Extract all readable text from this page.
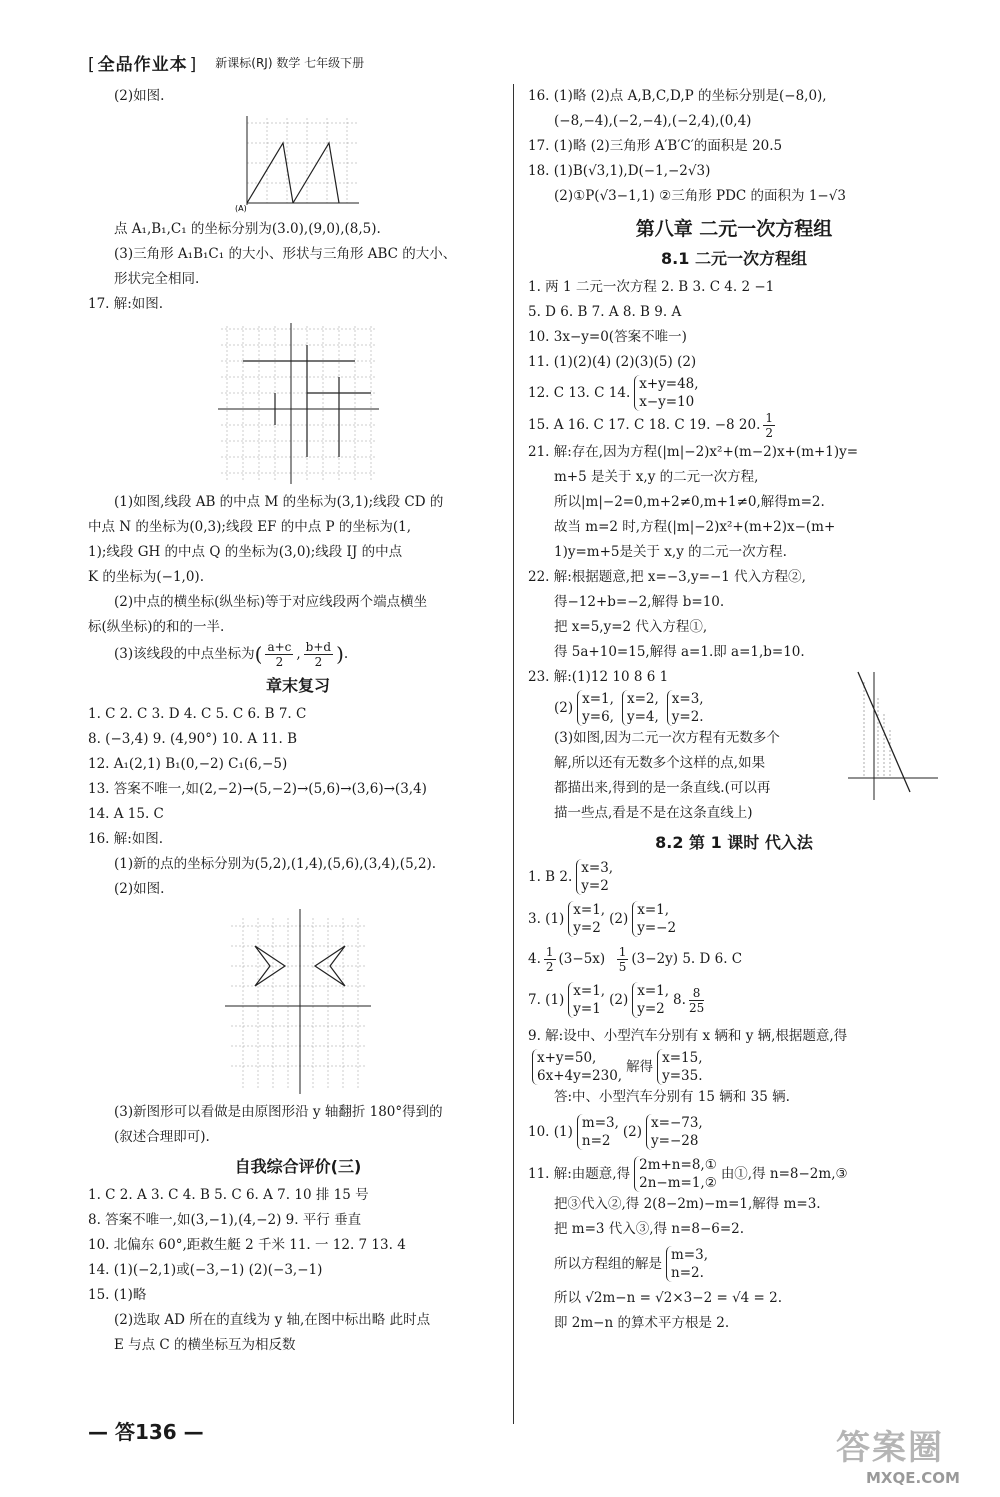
[ 全品作业本 ]	新课标(RJ) 数学 七年级下册
(2)如图.
(A)
点 A₁,B₁,C₁ 的坐标分别为(3.0),(9,0),(8,5).
(3)三角形 A₁B₁C₁ 的大小、形状与三角形 ABC 的大小、
形状完全相同.
17. 解:如图.
(1)如图,线段 AB 的中点 M 的坐标为(3,1);线段 CD 的
中点 N 的坐标为(0,3);线段 EF 的中点 P 的坐标为(1,
1);线段 GH 的中点 Q 的坐标为(3,0);线段 IJ 的中点
K 的坐标为(−1,0).
(2)中点的横坐标(纵坐标)等于对应线段两个端点横坐
标(纵坐标)的和的一半.
(3)该线段的中点坐标为 ( $\frac{a+c}{2}$ , $\frac{b+d}{2}$ ) .
章末复习
1. C 2. C 3. D 4. C 5. C 6. B 7. C
8. (−3,4) 9. (4,90°) 10. A 11. B
12. A₁(2,1) B₁(0,−2) C₁(6,−5)
13. 答案不唯一,如(2,−2)→(5,−2)→(5,6)→(3,6)→(3,4)
14. A 15. C
16. 解:如图.
(1)新的点的坐标分别为(5,2),(1,4),(5,6),(3,4),(5,2).
(2)如图.
(3)新图形可以看做是由原图形沿 y 轴翻折 180°得到的
(叙述合理即可).
自我综合评价(三)
1. C 2. A 3. C 4. B 5. C 6. A 7. 10 排 15 号
8. 答案不唯一,如(3,−1),(4,−2) 9. 平行 垂直
10. 北偏东 60°,距救生艇 2 千米 11. 一 12. 7 13. 4
14. (1)(−2,1)或(−3,−1) (2)(−3,−1)
15. (1)略
(2)选取 AD 所在的直线为 y 轴,在图中标出略 此时点
E 与点 C 的横坐标互为相反数
16. (1)略 (2)点 A,B,C,D,P 的坐标分别是(−8,0),
(−8,−4),(−2,−4),(−2,4),(0,4)
17. (1)略 (2)三角形 A′B′C′的面积是 20.5
18. (1)B(√3,1),D(−1,−2√3)
(2)①P(√3−1,1) ②三角形 PDC 的面积为 1−√3
第八章 二元一次方程组
8.1 二元一次方程组
1. 两 1 二元一次方程 2. B 3. C 4. 2 −1
5. D 6. B 7. A 8. B 9. A
10. 3x−y=0(答案不唯一)
11. (1)(2)(4) (2)(3)(5) (2)
12. C 13. C 14.
x+y=48,
x−y=10
15. A 16. C 17. C 18. C 19. −8 20. $\frac{1}{2}$
21. 解:存在,因为方程(|m|−2)x²+(m−2)x+(m+1)y=
m+5 是关于 x,y 的二元一次方程,
所以|m|−2=0,m+2≠0,m+1≠0,解得m=2.
故当 m=2 时,方程(|m|−2)x²+(m+2)x−(m+
1)y=m+5是关于 x,y 的二元一次方程.
22. 解:根据题意,把 x=−3,y=−1 代入方程②,
得−12+b=−2,解得 b=10.
把 x=5,y=2 代入方程①,
得 5a+10=15,解得 a=1.即 a=1,b=10.
23. 解:(1)12 10 8 6 1
(2)
x=1,
y=6,
x=2,
y=4,
x=3,
y=2.
(3)如图,因为二元一次方程有无数多个
解,所以还有无数多个这样的点,如果
都描出来,得到的是一条直线.(可以再
描一些点,看是不是在这条直线上)
8.2 第 1 课时 代入法
1. B 2.
x=3,
y=2
3. (1)
x=1,
y=2
(2)
x=1,
y=−2
4. $\frac{1}{2} (3-5x)$
$\frac{1}{5} (3-2y)$ 5. D 6. C
7. (1)
x=1,
y=1
(2)
x=1,
y=2
8. $\frac{8}{25}$
9. 解:设中、小型汽车分别有 x 辆和 y 辆,根据题意,得
x+y=50,
6x+4y=230,
解得
x=15,
y=35.
答:中、小型汽车分别有 15 辆和 35 辆.
10. (1)
m=3,
n=2
(2)
x=−73,
y=−28
11. 解:由题意,得
2m+n=8,①
2n−m=1,②
由①,得 n=8−2m,③
把③代入②,得 2(8−2m)−m=1,解得 m=3.
把 m=3 代入③,得 n=8−6=2.
所以方程组的解是
m=3,
n=2.
所以 √2m−n = √2×3−2 = √4 = 2.
即 2m−n 的算术平方根是 2.
— 答136 —	答案圈
MXQE.COM
